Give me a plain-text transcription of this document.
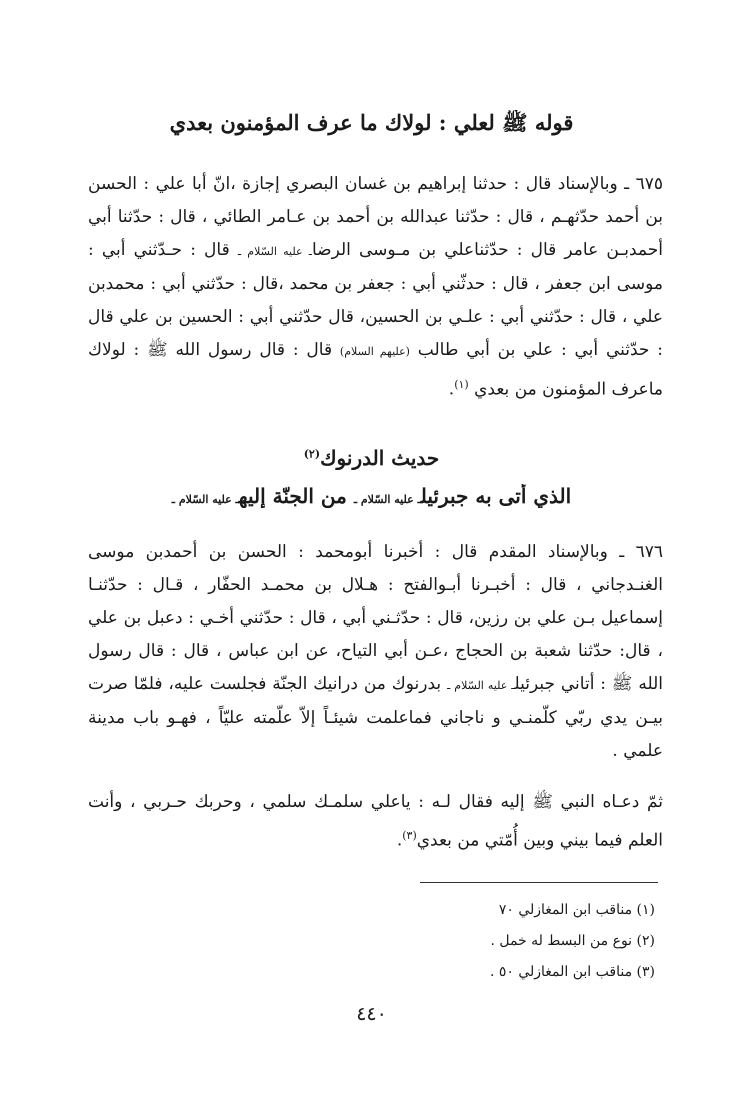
قوله ﷺ لعلي : لولاك ما عرف المؤمنون بعدي

٦٧٥ ـ وبالإسناد قال : حدثنا إبراهيم بن غسان البصري إجازة ،انّ أبا علي : الحسن بن أحمد حدّثهـم ، قال : حدّثنا عبدالله بن أحمد بن عـامر الطائي ، قال : حدّثنا أبي أحمدبـن عامر قال : حدّثناعلي بن مـوسى الرضاـ عليه السّلام ـ قال : حـدّثني أبي : موسى ابن جعفر ، قال : حدثّني أبي : جعفر بن محمد ،قال : حدّثني أبي : محمدبن علي ، قال : حدّثني أبي : علـي بن الحسين، قال حدّثني أبي : الحسين بن علي قال : حدّثني أبي : علي بن أبي طالب (عليهم السلام) قال : قال رسول الله ﷺ : لولاك ماعرف المؤمنون من بعدي $^{(١)}$.

حديث الدرنوك$^{(٢)}$
الذي أتى به جبرئيلـ عليه السّلام ـ من الجنّة إليهـ عليه السّلام ـ

٦٧٦ ـ وبالإسناد المقدم قال : أخبرنا أبومحمد : الحسن بن أحمدبن موسى الغنـدجاني ، قال : أخبـرنا أبـوالفتح : هـلال بن محمـد الحفّار ، قـال : حدّثنـا إسماعيل بـن علي بن رزين، قال : حدّثـني أبي ، قال : حدّثني أخـي : دعبل بن علي ، قال: حدّثنا شعبة بن الحجاج ،عـن أبي التياح، عن ابن عباس ، قال : قال رسول الله ﷺ : أتاني جبرئيلـ عليه السّلام ـ بدرنوك من درانيك الجنّة فجلست عليه، فلمّا صرت بيـن يدي ربّي كلّمنـي و ناجاني فماعلمت شيئـاً إلاّ علّمته عليّاً ، فهـو باب مدينة علمي .

ثمّ دعـاه النبي ﷺ إليه فقال لـه : ياعلي سلمـك سلمي ، وحربك حـربي ، وأنت العلم فيما بيني وبين أُمّتي من بعدي$^{(٣)}$.

(١) مناقب ابن المغازلي ٧٠
(٢) نوع من البسط له خمل .
(٣) مناقب ابن المغازلي ٥٠ .
٤٤٠
